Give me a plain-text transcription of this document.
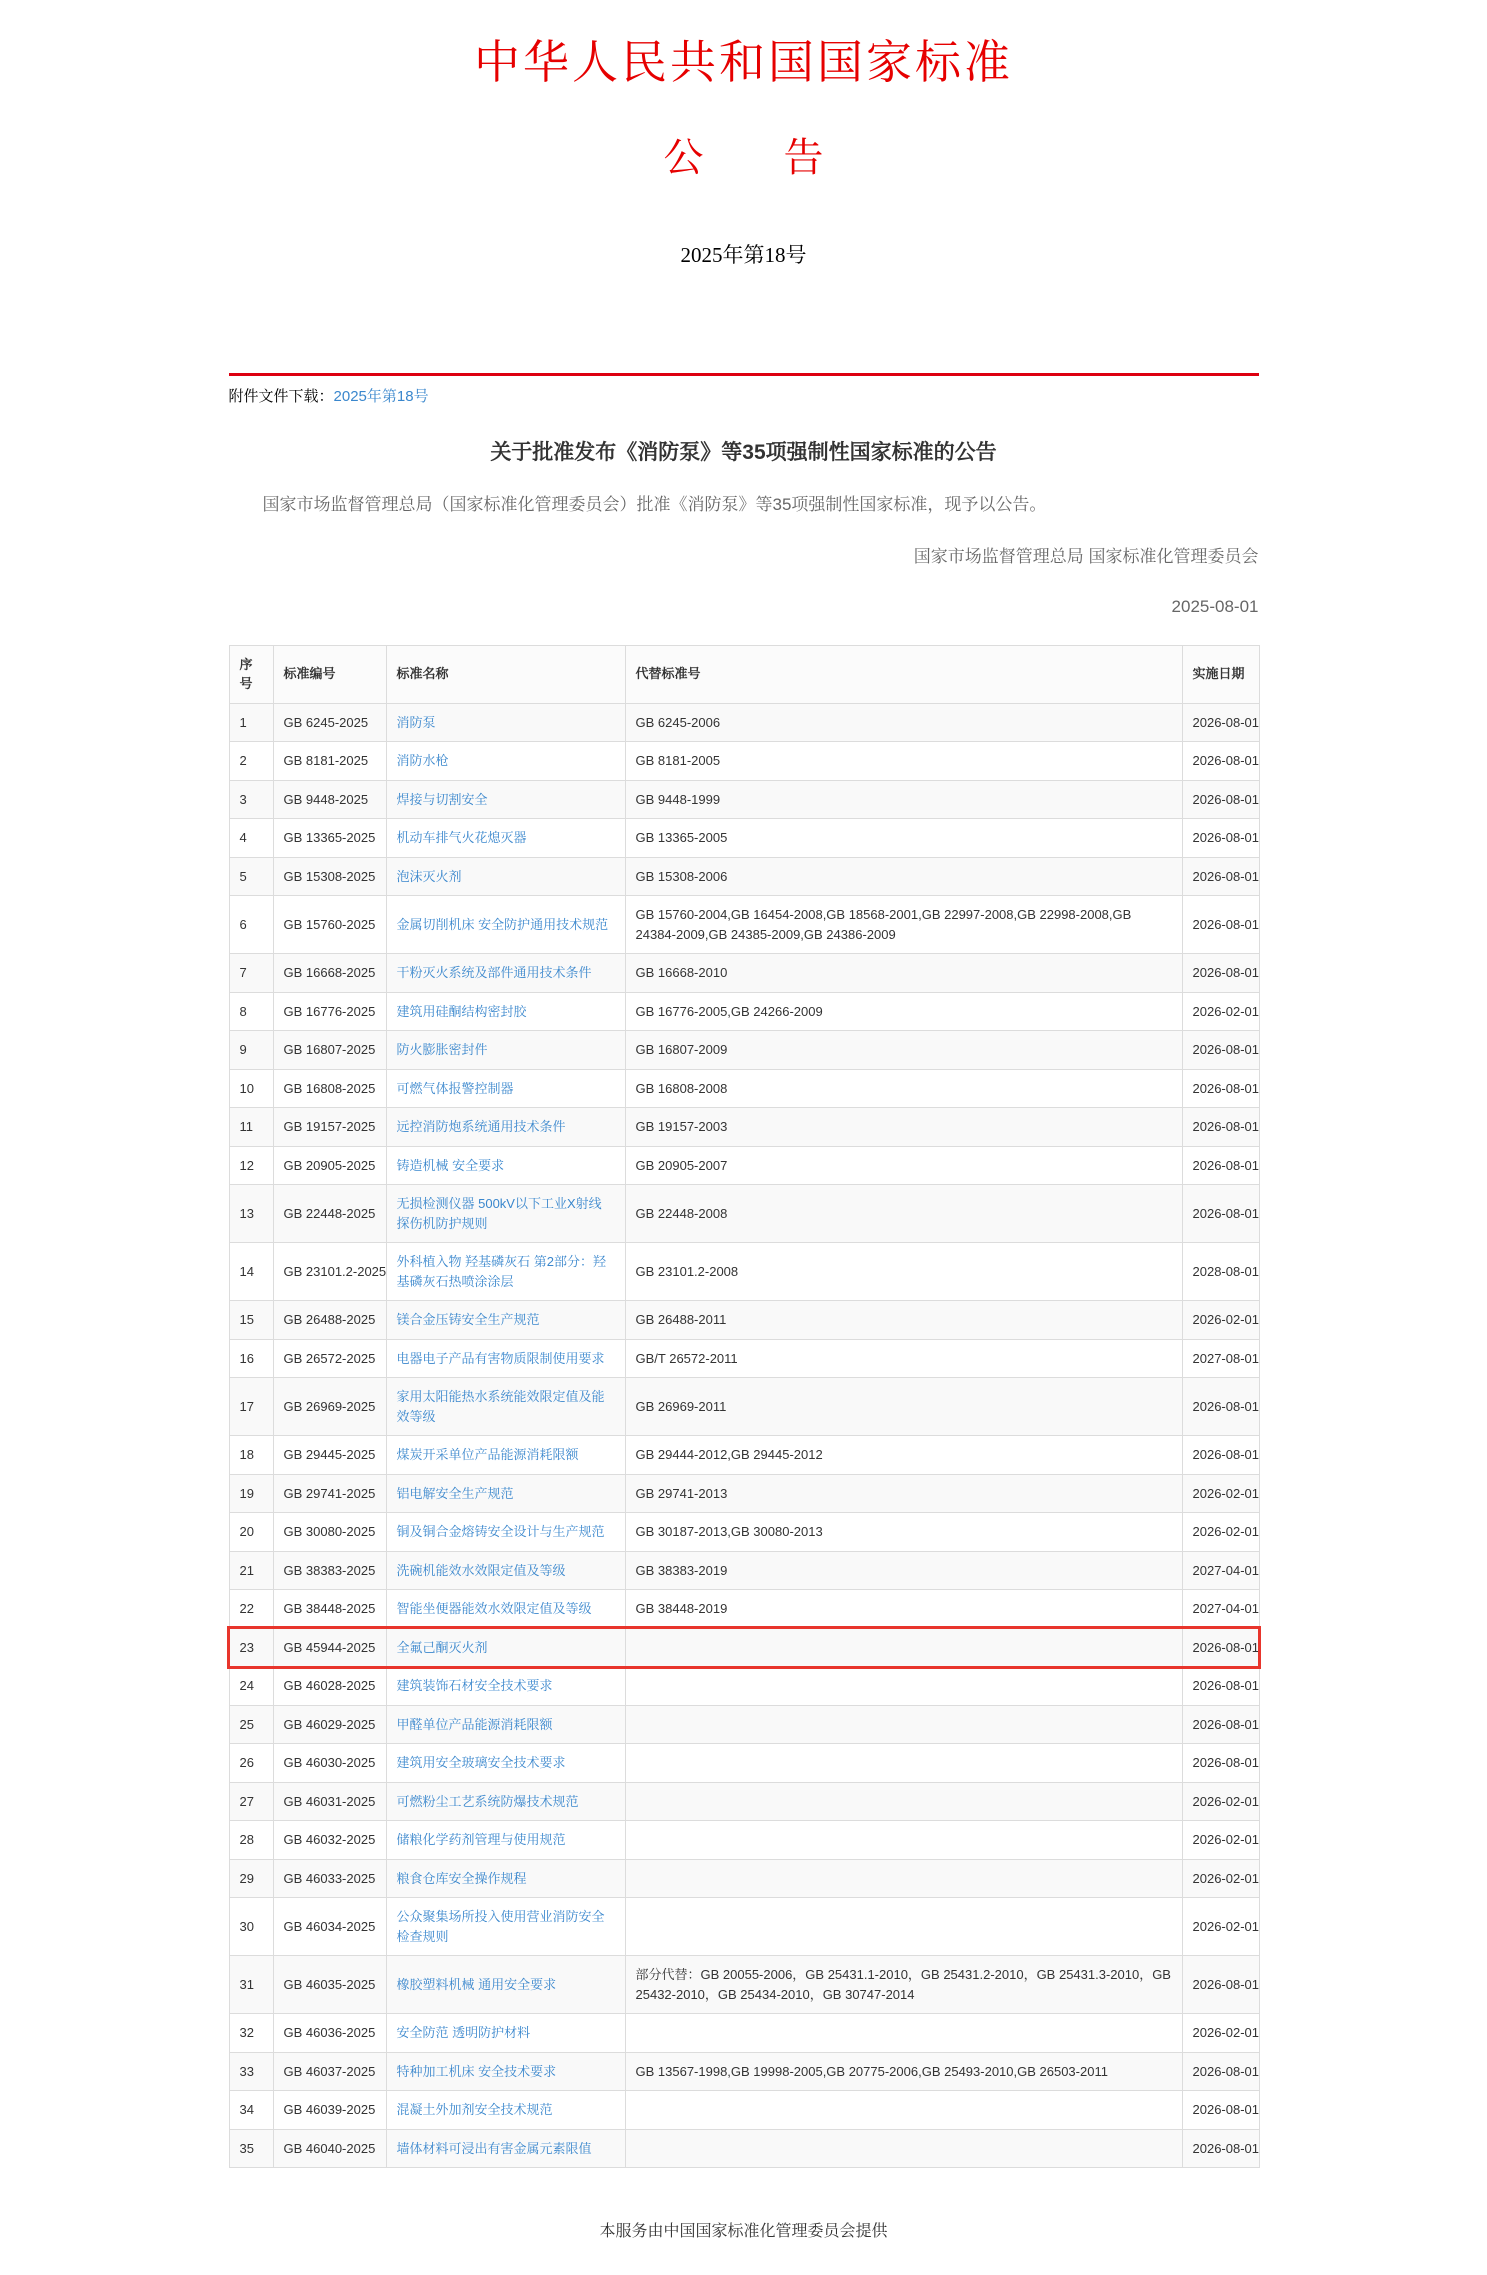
中华人民共和国国家标准
公　　告
2025年第18号
附件文件下载：2025年第18号
关于批准发布《消防泵》等35项强制性国家标准的公告

国家市场监督管理总局（国家标准化管理委员会）批准《消防泵》等35项强制性国家标准，现予以公告。

国家市场监督管理总局 国家标准化管理委员会

2025-08-01

序号	标准编号	标准名称	代替标准号	实施日期
1	GB 6245-2025	消防泵	GB 6245-2006	2026-08-01
2	GB 8181-2025	消防水枪	GB 8181-2005	2026-08-01
3	GB 9448-2025	焊接与切割安全	GB 9448-1999	2026-08-01
4	GB 13365-2025	机动车排气火花熄灭器	GB 13365-2005	2026-08-01
5	GB 15308-2025	泡沫灭火剂	GB 15308-2006	2026-08-01
6	GB 15760-2025	金属切削机床 安全防护通用技术规范	GB 15760-2004,GB 16454-2008,GB 18568-2001,GB 22997-2008,GB 22998-2008,GB 24384-2009,GB 24385-2009,GB 24386-2009	2026-08-01
7	GB 16668-2025	干粉灭火系统及部件通用技术条件	GB 16668-2010	2026-08-01
8	GB 16776-2025	建筑用硅酮结构密封胶	GB 16776-2005,GB 24266-2009	2026-02-01
9	GB 16807-2025	防火膨胀密封件	GB 16807-2009	2026-08-01
10	GB 16808-2025	可燃气体报警控制器	GB 16808-2008	2026-08-01
11	GB 19157-2025	远控消防炮系统通用技术条件	GB 19157-2003	2026-08-01
12	GB 20905-2025	铸造机械 安全要求	GB 20905-2007	2026-08-01
13	GB 22448-2025	无损检测仪器 500kV以下工业X射线探伤机防护规则	GB 22448-2008	2026-08-01
14	GB 23101.2-2025	外科植入物 羟基磷灰石 第2部分：羟基磷灰石热喷涂涂层	GB 23101.2-2008	2028-08-01
15	GB 26488-2025	镁合金压铸安全生产规范	GB 26488-2011	2026-02-01
16	GB 26572-2025	电器电子产品有害物质限制使用要求	GB/T 26572-2011	2027-08-01
17	GB 26969-2025	家用太阳能热水系统能效限定值及能效等级	GB 26969-2011	2026-08-01
18	GB 29445-2025	煤炭开采单位产品能源消耗限额	GB 29444-2012,GB 29445-2012	2026-08-01
19	GB 29741-2025	铝电解安全生产规范	GB 29741-2013	2026-02-01
20	GB 30080-2025	铜及铜合金熔铸安全设计与生产规范	GB 30187-2013,GB 30080-2013	2026-02-01
21	GB 38383-2025	洗碗机能效水效限定值及等级	GB 38383-2019	2027-04-01
22	GB 38448-2025	智能坐便器能效水效限定值及等级	GB 38448-2019	2027-04-01
23	GB 45944-2025	全氟己酮灭火剂		2026-08-01
24	GB 46028-2025	建筑装饰石材安全技术要求		2026-08-01
25	GB 46029-2025	甲醛单位产品能源消耗限额		2026-08-01
26	GB 46030-2025	建筑用安全玻璃安全技术要求		2026-08-01
27	GB 46031-2025	可燃粉尘工艺系统防爆技术规范		2026-02-01
28	GB 46032-2025	储粮化学药剂管理与使用规范		2026-02-01
29	GB 46033-2025	粮食仓库安全操作规程		2026-02-01
30	GB 46034-2025	公众聚集场所投入使用营业消防安全检查规则		2026-02-01
31	GB 46035-2025	橡胶塑料机械 通用安全要求	部分代替：GB 20055-2006，GB 25431.1-2010，GB 25431.2-2010，GB 25431.3-2010，GB 25432-2010，GB 25434-2010，GB 30747-2014	2026-08-01
32	GB 46036-2025	安全防范 透明防护材料		2026-02-01
33	GB 46037-2025	特种加工机床 安全技术要求	GB 13567-1998,GB 19998-2005,GB 20775-2006,GB 25493-2010,GB 26503-2011	2026-08-01
34	GB 46039-2025	混凝土外加剂安全技术规范		2026-08-01
35	GB 46040-2025	墙体材料可浸出有害金属元素限值		2026-08-01

本服务由中国国家标准化管理委员会提供
